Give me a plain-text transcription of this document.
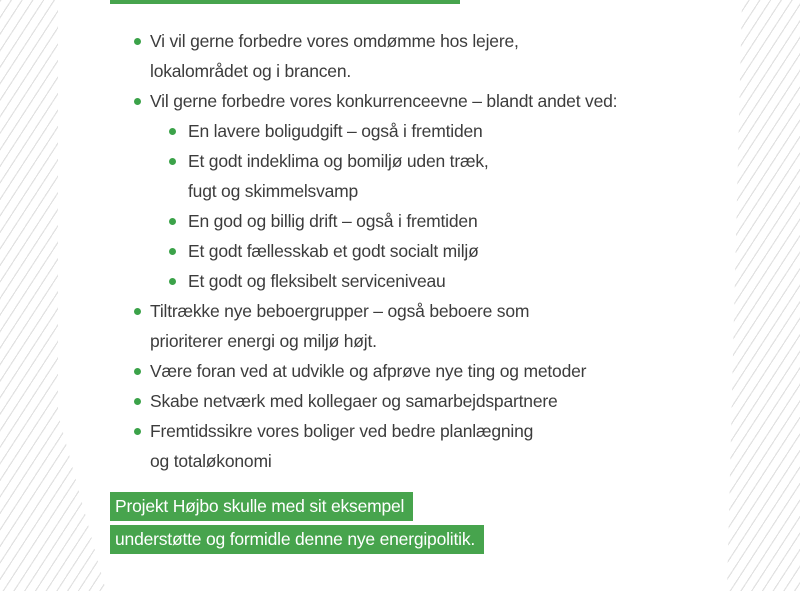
Vi vil gerne forbedre vores omdømme hos lejere,
lokalområdet og i brancen.
Vil gerne forbedre vores konkurrenceevne – blandt andet ved:
En lavere boligudgift – også i fremtiden
Et godt indeklima og bomiljø uden træk,
fugt og skimmelsvamp
En god og billig drift – også i fremtiden
Et godt fællesskab et godt socialt miljø
Et godt og fleksibelt serviceniveau
Tiltrække nye beboergrupper – også beboere som
prioriterer energi og miljø højt.
Være foran ved at udvikle og afprøve nye ting og metoder
Skabe netværk med kollegaer og samarbejdspartnere
Fremtidssikre vores boliger ved bedre planlægning
og totaløkonomi
Projekt Højbo skulle med sit eksempel
understøtte og formidle denne nye energipolitik.
